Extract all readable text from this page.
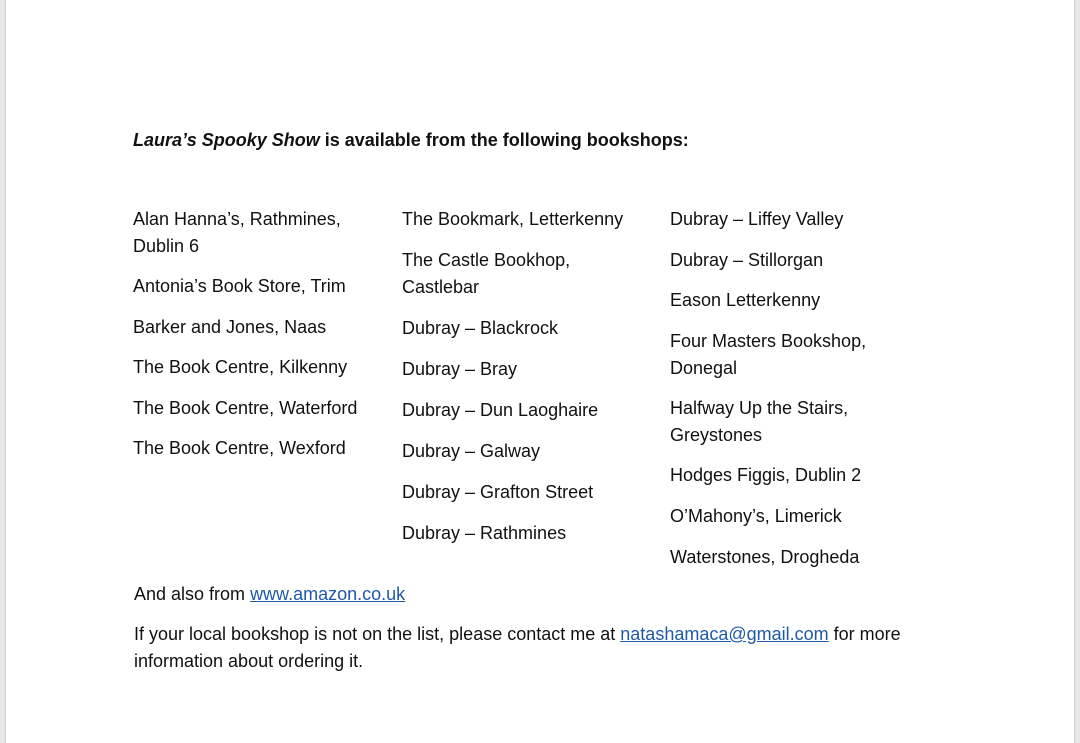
Laura’s Spooky Show is available from the following bookshops:
Alan Hanna’s, Rathmines, Dublin 6
Antonia’s Book Store, Trim
Barker and Jones, Naas
The Book Centre, Kilkenny
The Book Centre, Waterford
The Book Centre, Wexford
The Bookmark, Letterkenny
The Castle Bookhop, Castlebar
Dubray – Blackrock
Dubray – Bray
Dubray – Dun Laoghaire
Dubray – Galway
Dubray – Grafton Street
Dubray – Rathmines
Dubray – Liffey Valley
Dubray – Stillorgan
Eason Letterkenny
Four Masters Bookshop, Donegal
Halfway Up the Stairs, Greystones
Hodges Figgis, Dublin 2
O’Mahony’s, Limerick
Waterstones, Drogheda
And also from www.amazon.co.uk
If your local bookshop is not on the list, please contact me at natashamaca@gmail.com for more information about ordering it.
